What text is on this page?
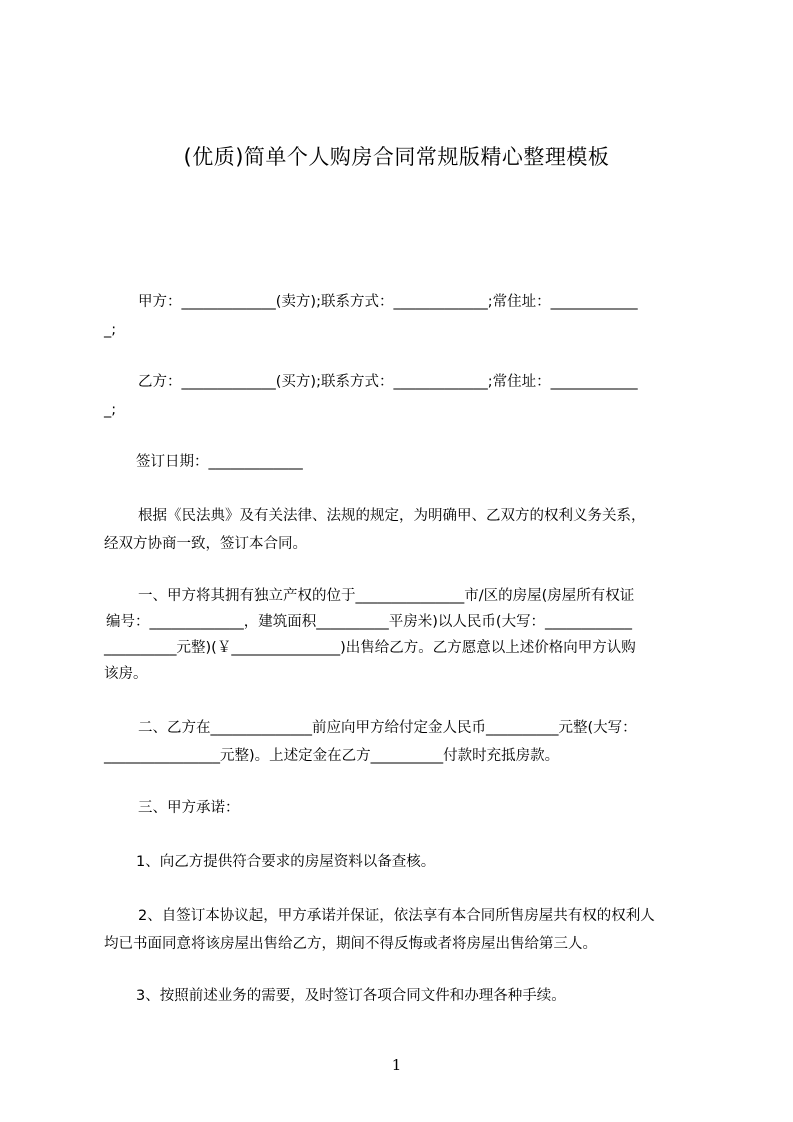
(优质)简单个人购房合同常规版精心整理模板
甲方：_____________(卖方);联系方式：_____________;常住址：____________
_;
乙方：_____________(买方);联系方式：_____________;常住址：____________
_;
签订日期：_____________
根据《民法典》及有关法律、法规的规定，为明确甲、乙双方的权利义务关系，
经双方协商一致，签订本合同。
一、甲方将其拥有独立产权的位于_______________市/区的房屋(房屋所有权证
编号：_____________，建筑面积__________平房米)以人民币(大写：____________
__________元整)(￥_______________)出售给乙方。乙方愿意以上述价格向甲方认购
该房。
二、乙方在______________前应向甲方给付定金人民币__________元整(大写：
________________元整)。上述定金在乙方__________付款时充抵房款。
三、甲方承诺：
1、向乙方提供符合要求的房屋资料以备查核。
2、自签订本协议起，甲方承诺并保证，依法享有本合同所售房屋共有权的权利人
均已书面同意将该房屋出售给乙方，期间不得反悔或者将房屋出售给第三人。
3、按照前述业务的需要，及时签订各项合同文件和办理各种手续。
1
